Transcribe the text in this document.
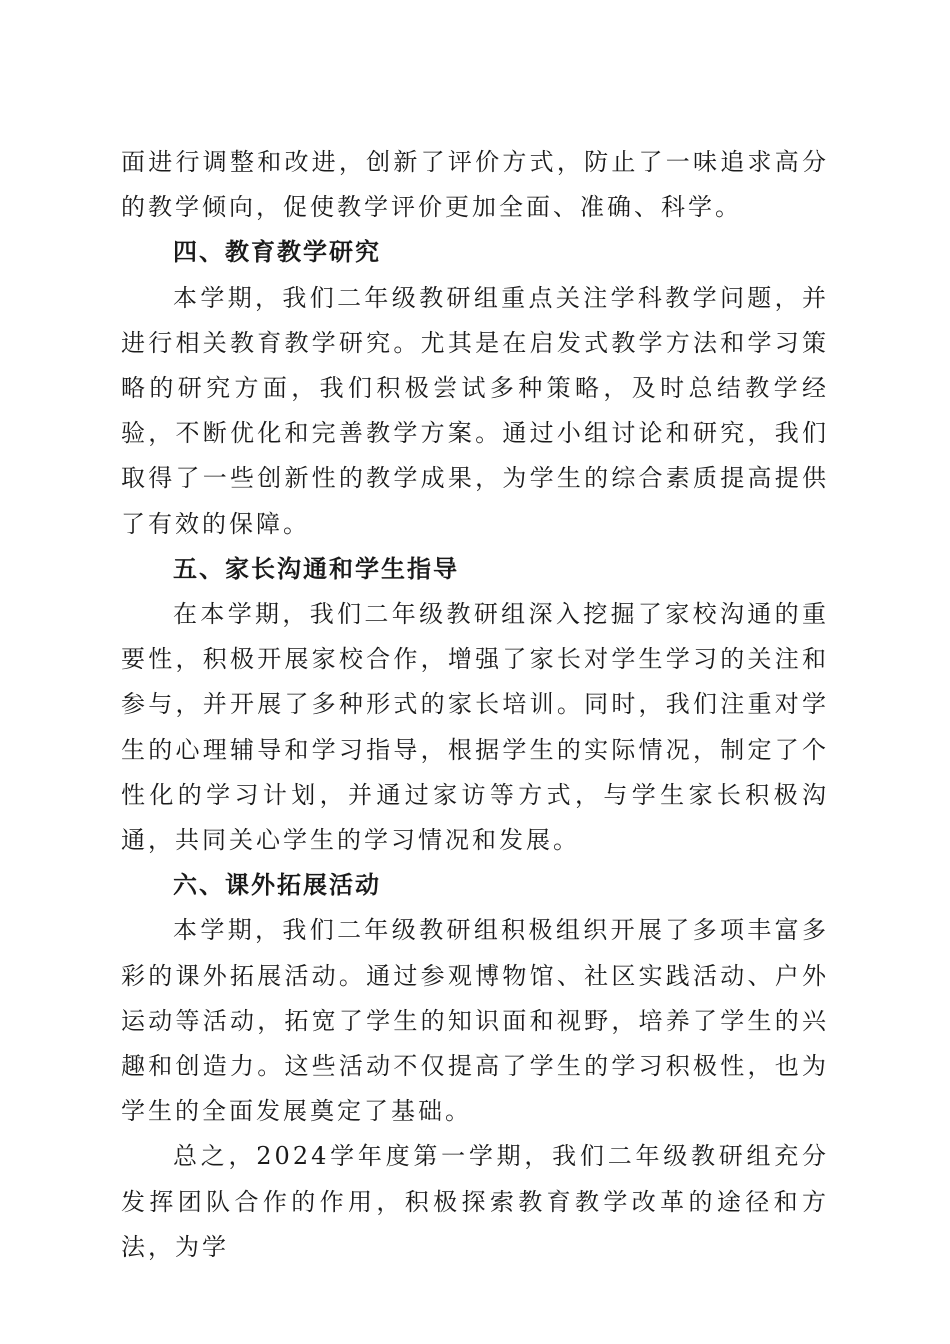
面进行调整和改进，创新了评价方式，防止了一味追求高分的教学倾向，促使教学评价更加全面、准确、科学。

四、教育教学研究

本学期，我们二年级教研组重点关注学科教学问题，并进行相关教育教学研究。尤其是在启发式教学方法和学习策略的研究方面，我们积极尝试多种策略，及时总结教学经验，不断优化和完善教学方案。通过小组讨论和研究，我们取得了一些创新性的教学成果，为学生的综合素质提高提供了有效的保障。

五、家长沟通和学生指导

在本学期，我们二年级教研组深入挖掘了家校沟通的重要性，积极开展家校合作，增强了家长对学生学习的关注和参与，并开展了多种形式的家长培训。同时，我们注重对学生的心理辅导和学习指导，根据学生的实际情况，制定了个性化的学习计划，并通过家访等方式，与学生家长积极沟通，共同关心学生的学习情况和发展。

六、课外拓展活动

本学期，我们二年级教研组积极组织开展了多项丰富多彩的课外拓展活动。通过参观博物馆、社区实践活动、户外运动等活动，拓宽了学生的知识面和视野，培养了学生的兴趣和创造力。这些活动不仅提高了学生的学习积极性，也为学生的全面发展奠定了基础。

总之，2024学年度第一学期，我们二年级教研组充分发挥团队合作的作用，积极探索教育教学改革的途径和方法，为学
